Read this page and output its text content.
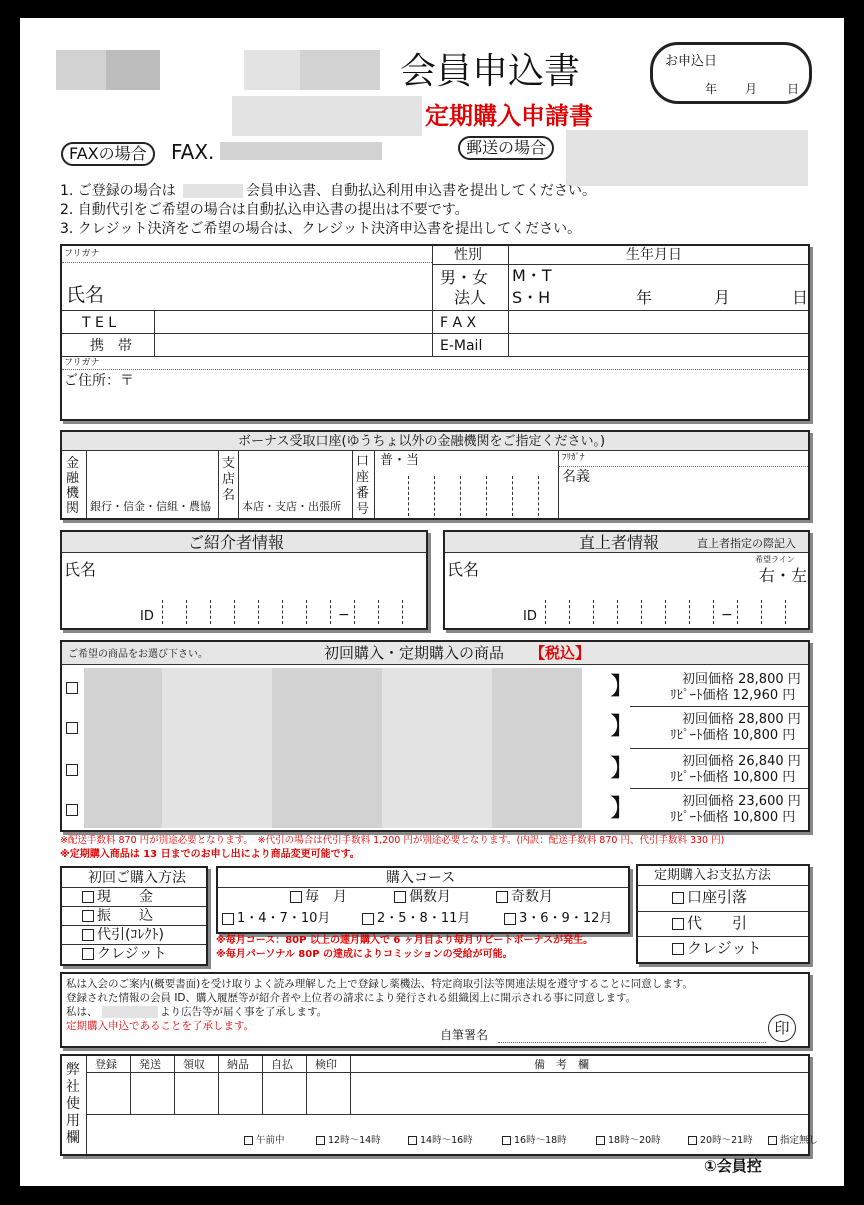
会員申込書
定期購入申請書
お申込日
年 月 日
FAXの場合	FAX.	郵送の場合
1. ご登録の場合は	会員申込書、自動払込利用申込書を提出してください。
2. 自動代引をご希望の場合は自動払込申込書の提出は不要です。
3. クレジット決済をご希望の場合は、クレジット決済申込書を提出してください。
フリガナ
氏名
性別
男・女
法人
生年月日
M・T
S・H	年	月	日
T E L	F A X
携　帯	E-Mail
フリガナ
ご住所：〒
ボーナス受取口座(ゆうちょ以外の金融機関をご指定ください。)
金融機関 銀行・信金・信組・農協
支店名
本店・支店・出張所
口座番号
普・当	ﾌﾘｶﾞﾅ
名義
ご紹介者情報
氏名
ID	−
直上者情報	直上者指定の際記入
氏名
希望ライン
右・左
ID	−
ご希望の商品をお選び下さい。	初回購入・定期購入の商品 【税込】
】	初回価格 28,800 円
ﾘﾋﾟｰﾄ価格 12,960 円
】	初回価格 28,800 円
ﾘﾋﾟｰﾄ価格 10,800 円
】	初回価格 26,840 円
ﾘﾋﾟｰﾄ価格 10,800 円
】	初回価格 23,600 円
ﾘﾋﾟｰﾄ価格 10,800 円
※配送手数料 870 円が別途必要となります。　※代引の場合は代引手数料 1,200 円が別途必要となります。(内訳：配送手数料 870 円、代引手数料 330 円)
※定期購入商品は 13 日までのお申し出により商品変更可能です。
初回ご購入方法
現　　金
振　　込
代引(ｺﾚｸﾄ)
クレジット
購入コース
毎　月	偶数月	奇数月
1・4・7・10月	2・5・8・11月	3・6・9・12月
※毎月コース：80P 以上の連月購入で 6 ヶ月目より毎月リピートボーナスが発生。
※毎月パーソナル 80P の達成によりコミッションの受給が可能。
定期購入お支払方法
口座引落
代　　引
クレジット
私は入会のご案内(概要書面)を受け取りよく読み理解した上で登録し薬機法、特定商取引法等関連法規を遵守することに同意します。
登録された情報の会員 ID、購入履歴等が紹介者や上位者の請求により発行される組織図上に開示される事に同意します。
私は、	より広告等が届く事を了承します。
定期購入申込であることを了承します。
自筆署名	印
弊社使用欄
登録 発送 領収 納品 自払 検印	備　考　欄
午前中	12時～14時	14時～16時	16時～18時	18時～20時	20時～21時	指定無し
①会員控
